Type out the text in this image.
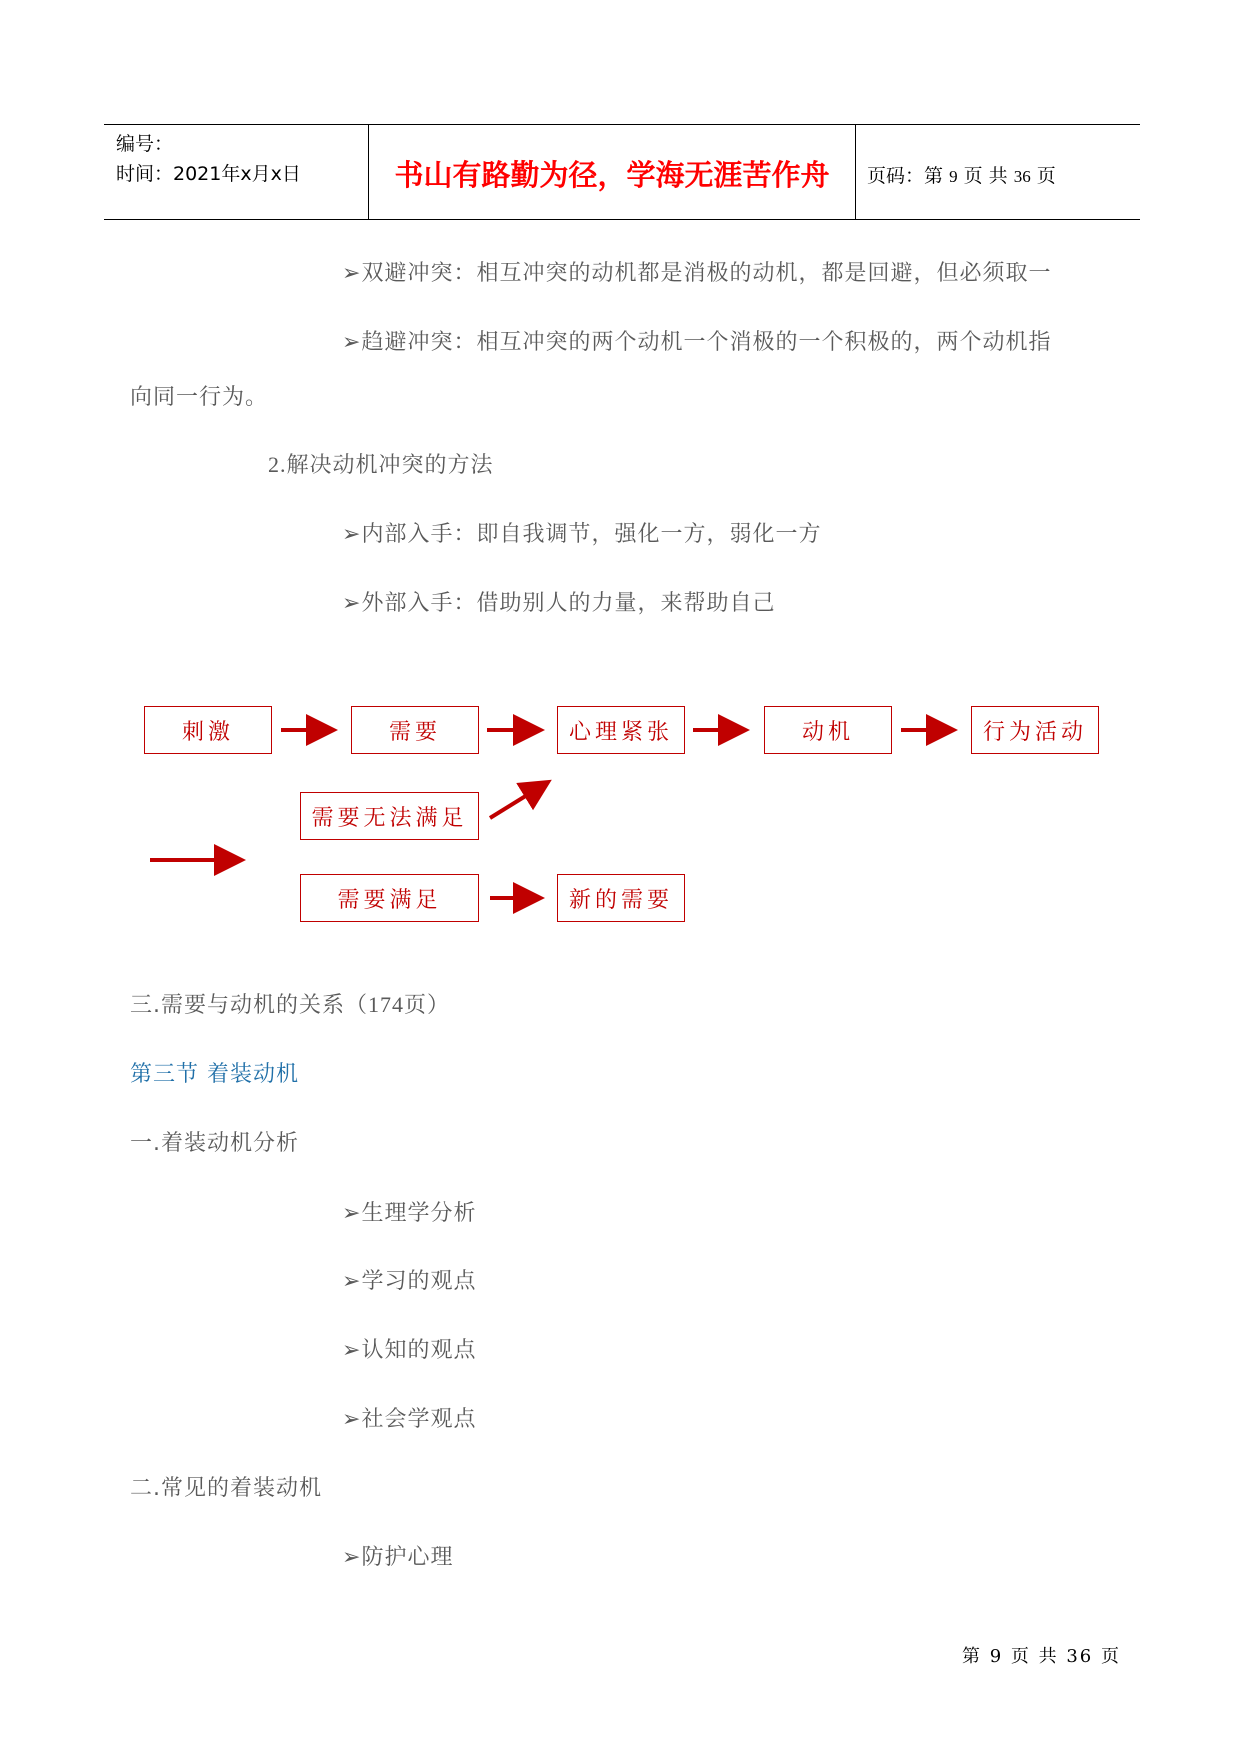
编号：
时间：2021年x月x日	书山有路勤为径，学海无涯苦作舟	页码：第 9 页 共 36 页
➢双避冲突：相互冲突的动机都是消极的动机，都是回避，但必须取一
➢趋避冲突：相互冲突的两个动机一个消极的一个积极的，两个动机指
向同一行为。
2.解决动机冲突的方法
➢内部入手：即自我调节，强化一方，弱化一方
➢外部入手：借助别人的力量，来帮助自己
刺激	需要	心理紧张	动机	行为活动
需要无法满足
需要满足	新的需要
三.需要与动机的关系（174页）
第三节 着装动机
一.着装动机分析
➢生理学分析
➢学习的观点
➢认知的观点
➢社会学观点
二.常见的着装动机
➢防护心理
第 9 页 共 36 页
